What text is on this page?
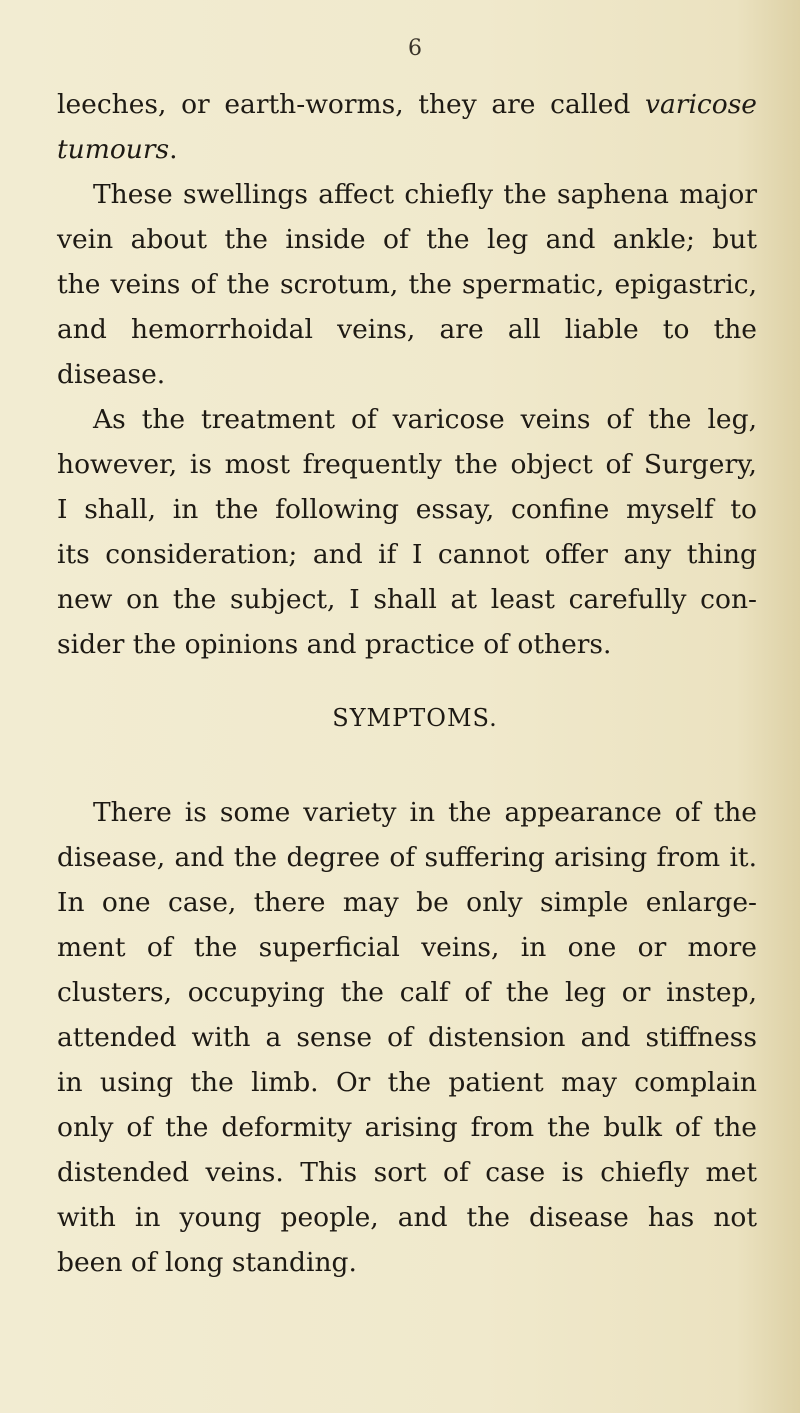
6
leeches, or earth-worms, they are called varicose
tumours.
These swellings affect chiefly the saphena major
vein about the inside of the leg and ankle; but
the veins of the scrotum, the spermatic, epigastric,
and hemorrhoidal veins, are all liable to the
disease.
As the treatment of varicose veins of the leg,
however, is most frequently the object of Surgery,
I shall, in the following essay, confine myself to
its consideration; and if I cannot offer any thing
new on the subject, I shall at least carefully con-
sider the opinions and practice of others.
SYMPTOMS.
There is some variety in the appearance of the
disease, and the degree of suffering arising from it.
In one case, there may be only simple enlarge-
ment of the superficial veins, in one or more
clusters, occupying the calf of the leg or instep,
attended with a sense of distension and stiffness
in using the limb. Or the patient may complain
only of the deformity arising from the bulk of the
distended veins. This sort of case is chiefly met
with in young people, and the disease has not
been of long standing.
